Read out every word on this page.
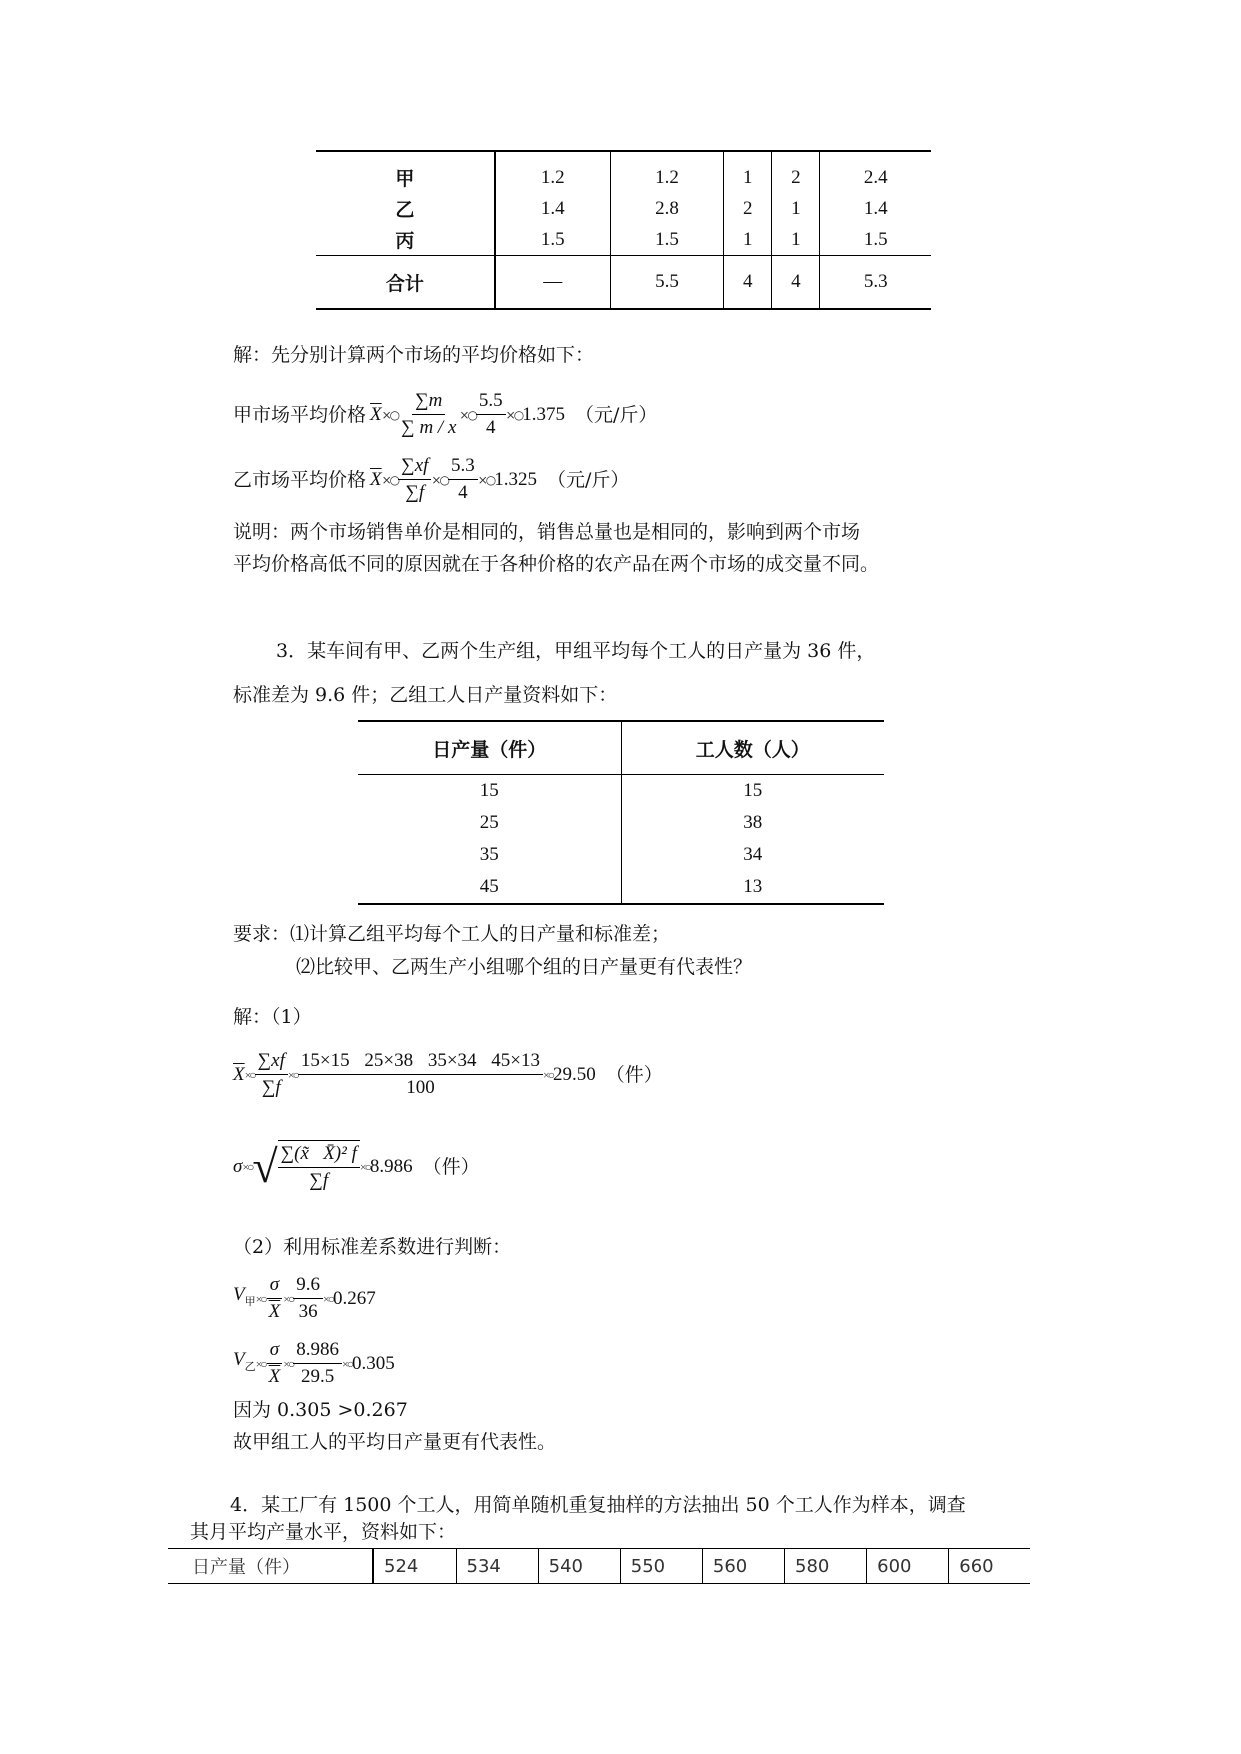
甲	1.2	1.2	1	2	2.4
乙	1.4	2.8	2	1	1.4
丙	1.5	1.5	1	1	1.5
合计	—	5.5	4	4	5.3
解：先分别计算两个市场的平均价格如下：
甲市场平均价格 $\overline{X}$ ×○ $\frac{\sum m}{\sum m / x}$ ×○ $\frac{5.5}{4}$ ×○ 1.375 （元/斤）
乙市场平均价格 $\overline{X}$ ×○ $\frac{\sum xf}{\sum f}$ ×○ $\frac{5.3}{4}$ ×○ 1.325 （元/斤）
说明：两个市场销售单价是相同的，销售总量也是相同的，影响到两个市场
平均价格高低不同的原因就在于各种价格的农产品在两个市场的成交量不同。
3．某车间有甲、乙两个生产组，甲组平均每个工人的日产量为 36 件，
标准差为 9.6 件；乙组工人日产量资料如下：
日产量（件）	工人数（人）
15	15
25	38
35	34
45	13
要求：⑴计算乙组平均每个工人的日产量和标准差；
⑵比较甲、乙两生产小组哪个组的日产量更有代表性？
解：（1）
$\overline{X}$ ×○ $\frac{\sum xf}{\sum f}$ ×○ $\frac{15\times 15 25\times 38 35\times 34 45\times 13}{100}$ ×○ 29.50 （件）
σ ×○ √ $\frac{\text{∑(x̃   X̄)² f}}{\sum f}$ ×○ 8.986 （件）
（2）利用标准差系数进行判断：
$V_甲$ ×○ $\frac{\sigma}{X}$ ×○ $\frac{9.6}{36}$ ×○ 0.267
$V_乙$ ×○ $\frac{\sigma}{X}$ ×○ $\frac{8.986}{29.5}$ ×○ 0.305
因为 0.305 >0.267
故甲组工人的平均日产量更有代表性。
4．某工厂有 1500 个工人，用简单随机重复抽样的方法抽出 50 个工人作为样本，调查
其月平均产量水平，资料如下：
日产量（件）	524	534	540	550	560	580	600	660
